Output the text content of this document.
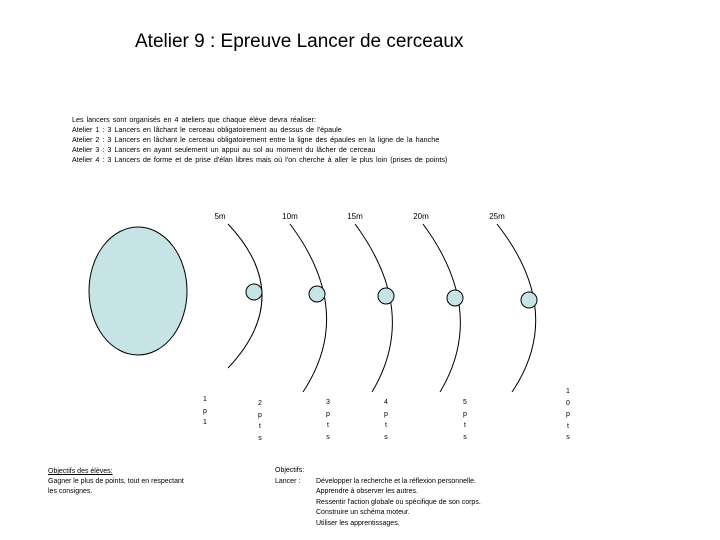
Atelier 9 : Epreuve Lancer de cerceaux
Les lancers sont organisés en 4 ateliers que chaque élève devra réaliser:
Atelier 1 : 3 Lancers en lâchant le cerceau obligatoirement au dessus de l'épaule
Atelier 2 : 3 Lancers en lâchant le cerceau obligatoirement entre la ligne des épaules en la ligne de la hanche
Atelier 3 : 3 Lancers en ayant seulement un appui au sol au moment du lâcher de cerceau
Atelier 4 : 3 Lancers de forme et de prise d'élan libres mais où l'on cherche à aller le plus loin (prises de points)
5m	10m	15m	20m	25m
1
p
1
2
p
t
s
3
p
t
s
4
p
t
s
5
p
t
s
1
0
p
t
s
Objectifs des élèves:
Gagner le plus de points, tout en respectant les consignes.
Objectifs:
Lancer :	Développer la recherche et la réflexion personnelle.
Apprendre à observer les autres.
Ressentir l'action globale ou spécifique de son corps.
Construire un schéma moteur.
Utiliser les apprentissages.
